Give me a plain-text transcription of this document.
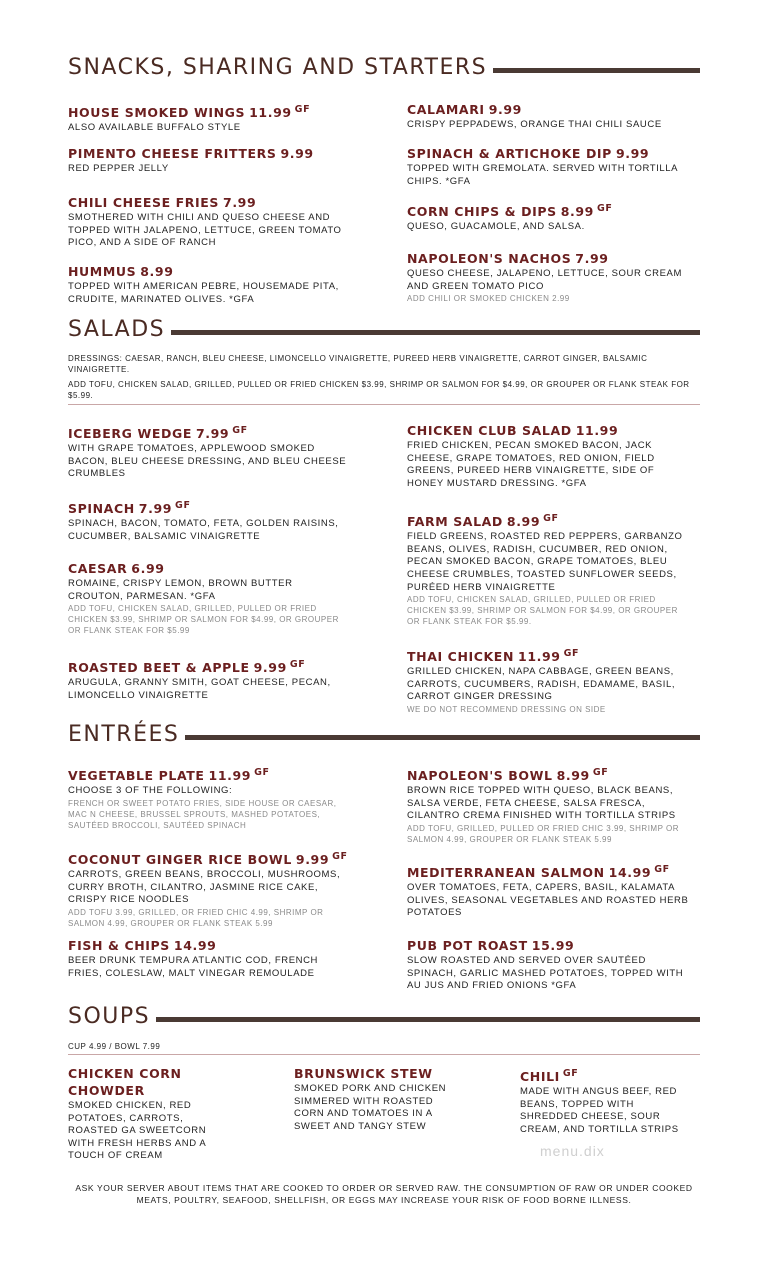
SNACKS, SHARING AND STARTERS
HOUSE SMOKED WINGS 11.99 $^{GF}$
ALSO AVAILABLE BUFFALO STYLE
CALAMARI 9.99
CRISPY PEPPADEWS, ORANGE THAI CHILI SAUCE
PIMENTO CHEESE FRITTERS 9.99
RED PEPPER JELLY
SPINACH & ARTICHOKE DIP 9.99
TOPPED WITH GREMOLATA. SERVED WITH TORTILLA CHIPS. *GFA
CHILI CHEESE FRIES 7.99
SMOTHERED WITH CHILI AND QUESO CHEESE AND TOPPED WITH JALAPENO, LETTUCE, GREEN TOMATO PICO, AND A SIDE OF RANCH
CORN CHIPS & DIPS 8.99 $^{GF}$
QUESO, GUACAMOLE, AND SALSA.
HUMMUS 8.99
TOPPED WITH AMERICAN PEBRE, HOUSEMADE PITA, CRUDITE, MARINATED OLIVES. *GFA
NAPOLEON'S NACHOS 7.99
QUESO CHEESE, JALAPENO, LETTUCE, SOUR CREAM AND GREEN TOMATO PICO
ADD CHILI OR SMOKED CHICKEN 2.99
SALADS
DRESSINGS: CAESAR, RANCH, BLEU CHEESE, LIMONCELLO VINAIGRETTE, PUREED HERB VINAIGRETTE, CARROT GINGER, BALSAMIC VINAIGRETTE.
ADD TOFU, CHICKEN SALAD, GRILLED, PULLED OR FRIED CHICKEN $3.99, SHRIMP OR SALMON FOR $4.99, OR GROUPER OR FLANK STEAK FOR $5.99.
ICEBERG WEDGE 7.99 $^{GF}$
WITH GRAPE TOMATOES, APPLEWOOD SMOKED BACON, BLEU CHEESE DRESSING, AND BLEU CHEESE CRUMBLES
CHICKEN CLUB SALAD 11.99
FRIED CHICKEN, PECAN SMOKED BACON, JACK CHEESE, GRAPE TOMATOES, RED ONION, FIELD GREENS, PUREED HERB VINAIGRETTE, SIDE OF HONEY MUSTARD DRESSING. *GFA
SPINACH 7.99 $^{GF}$
SPINACH, BACON, TOMATO, FETA, GOLDEN RAISINS, CUCUMBER, BALSAMIC VINAIGRETTE
FARM SALAD 8.99 $^{GF}$
FIELD GREENS, ROASTED RED PEPPERS, GARBANZO BEANS, OLIVES, RADISH, CUCUMBER, RED ONION, PECAN SMOKED BACON, GRAPE TOMATOES, BLEU CHEESE CRUMBLES, TOASTED SUNFLOWER SEEDS, PURÉED HERB VINAIGRETTE
ADD TOFU, CHICKEN SALAD, GRILLED, PULLED OR FRIED CHICKEN $3.99, SHRIMP OR SALMON FOR $4.99, OR GROUPER OR FLANK STEAK FOR $5.99.
CAESAR 6.99
ROMAINE, CRISPY LEMON, BROWN BUTTER CROUTON, PARMESAN. *GFA
ADD TOFU, CHICKEN SALAD, GRILLED, PULLED OR FRIED CHICKEN $3.99, SHRIMP OR SALMON FOR $4.99, OR GROUPER OR FLANK STEAK FOR $5.99
THAI CHICKEN 11.99 $^{GF}$
GRILLED CHICKEN, NAPA CABBAGE, GREEN BEANS, CARROTS, CUCUMBERS, RADISH, EDAMAME, BASIL, CARROT GINGER DRESSING
WE DO NOT RECOMMEND DRESSING ON SIDE
ROASTED BEET & APPLE 9.99 $^{GF}$
ARUGULA, GRANNY SMITH, GOAT CHEESE, PECAN, LIMONCELLO VINAIGRETTE
ENTRÉES
VEGETABLE PLATE 11.99 $^{GF}$
CHOOSE 3 OF THE FOLLOWING:
FRENCH OR SWEET POTATO FRIES, SIDE HOUSE OR CAESAR, MAC N CHEESE, BRUSSEL SPROUTS, MASHED POTATOES, SAUTÉED BROCCOLI, SAUTÉED SPINACH
NAPOLEON'S BOWL 8.99 $^{GF}$
BROWN RICE TOPPED WITH QUESO, BLACK BEANS, SALSA VERDE, FETA CHEESE, SALSA FRESCA, CILANTRO CREMA FINISHED WITH TORTILLA STRIPS
ADD TOFU, GRILLED, PULLED OR FRIED CHIC 3.99, SHRIMP OR SALMON 4.99, GROUPER OR FLANK STEAK 5.99
COCONUT GINGER RICE BOWL 9.99 $^{GF}$
CARROTS, GREEN BEANS, BROCCOLI, MUSHROOMS, CURRY BROTH, CILANTRO, JASMINE RICE CAKE, CRISPY RICE NOODLES
ADD TOFU 3.99, GRILLED, OR FRIED CHIC 4.99, SHRIMP OR SALMON 4.99, GROUPER OR FLANK STEAK 5.99
MEDITERRANEAN SALMON 14.99 $^{GF}$
OVER TOMATOES, FETA, CAPERS, BASIL, KALAMATA OLIVES, SEASONAL VEGETABLES AND ROASTED HERB POTATOES
FISH & CHIPS 14.99
BEER DRUNK TEMPURA ATLANTIC COD, FRENCH FRIES, COLESLAW, MALT VINEGAR REMOULADE
PUB POT ROAST 15.99
SLOW ROASTED AND SERVED OVER SAUTÉED SPINACH, GARLIC MASHED POTATOES, TOPPED WITH AU JUS AND FRIED ONIONS *GFA
SOUPS
CUP 4.99 / BOWL 7.99
CHICKEN CORN CHOWDER
SMOKED CHICKEN, RED POTATOES, CARROTS, ROASTED GA SWEETCORN WITH FRESH HERBS AND A TOUCH OF CREAM
BRUNSWICK STEW
SMOKED PORK AND CHICKEN SIMMERED WITH ROASTED CORN AND TOMATOES IN A SWEET AND TANGY STEW
CHILI $^{GF}$
MADE WITH ANGUS BEEF, RED BEANS, TOPPED WITH SHREDDED CHEESE, SOUR CREAM, AND TORTILLA STRIPS
menu.dix
ASK YOUR SERVER ABOUT ITEMS THAT ARE COOKED TO ORDER OR SERVED RAW. THE CONSUMPTION OF RAW OR UNDER COOKED MEATS, POULTRY, SEAFOOD, SHELLFISH, OR EGGS MAY INCREASE YOUR RISK OF FOOD BORNE ILLNESS.
